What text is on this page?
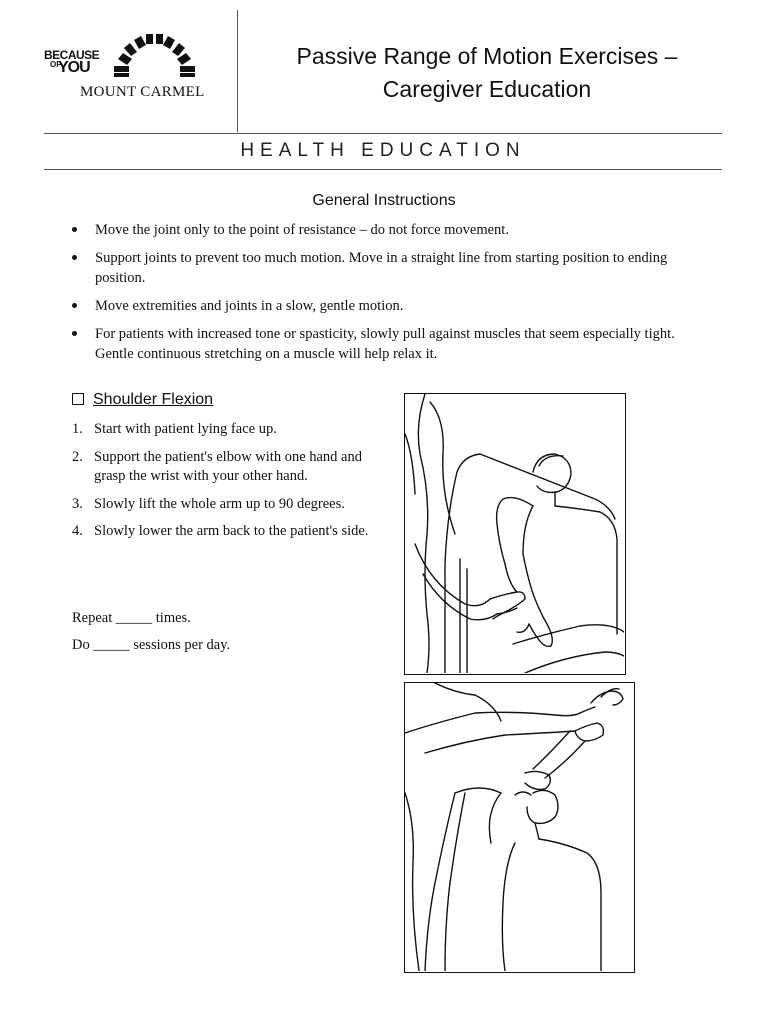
BECAUSE
OF
YOU
MOUNT CARMEL
Passive Range of Motion Exercises –
Caregiver Education
HEALTH EDUCATION
General Instructions
Move the joint only to the point of resistance – do not force movement.
Support joints to prevent too much motion. Move in a straight line from starting position to ending position.
Move extremities and joints in a slow, gentle motion.
For patients with increased tone or spasticity, slowly pull against muscles that seem especially tight. Gentle continuous stretching on a muscle will help relax it.
Shoulder Flexion
1. Start with patient lying face up.
2. Support the patient's elbow with one hand and grasp the wrist with your other hand.
3. Slowly lift the whole arm up to 90 degrees.
4. Slowly lower the arm back to the patient's side.
Repeat _____ times.
Do _____ sessions per day.
